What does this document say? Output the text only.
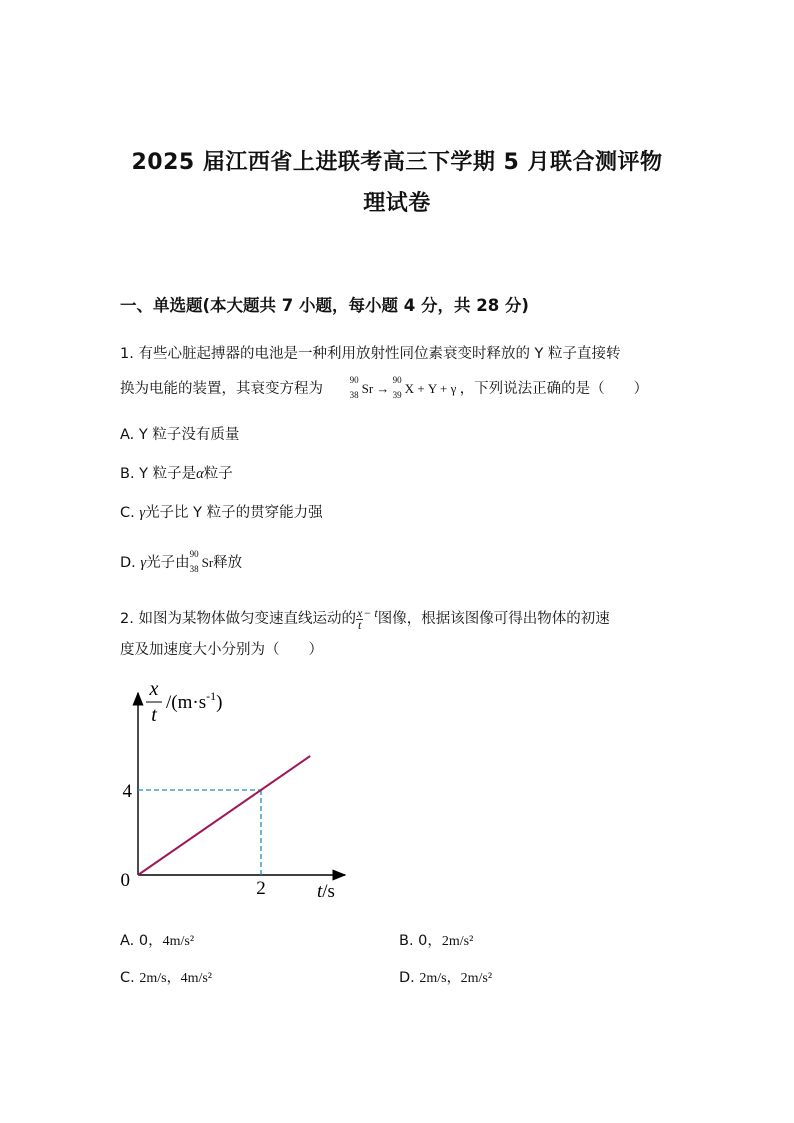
2025 届江西省上进联考高三下学期 5 月联合测评物
理试卷
一、单选题(本大题共 7 小题，每小题 4 分，共 28 分)
1. 有些心脏起搏器的电池是一种利用放射性同位素衰变时释放的 Y 粒子直接转
换为电能的装置，其衰变方程为
90
38 Sr →
90
39 X + Y + γ ，下列说法正确的是（　　）
A. Y 粒子没有质量
B. Y 粒子是α粒子
C. γ光子比 Y 粒子的贯穿能力强
D. γ光子由
90
38 Sr释放
2. 如图为某物体做匀变速直线运动的 $\frac{x}{t} ^{- t}$图像，根据该图像可得出物体的初速
度及加速度大小分别为（　　）
0
4
2
x
t
$/(m\cdot s^{-1})$
t/s
A. 0，4m/s²	B. 0，2m/s²
C. 2m/s，4m/s²	D. 2m/s，2m/s²
